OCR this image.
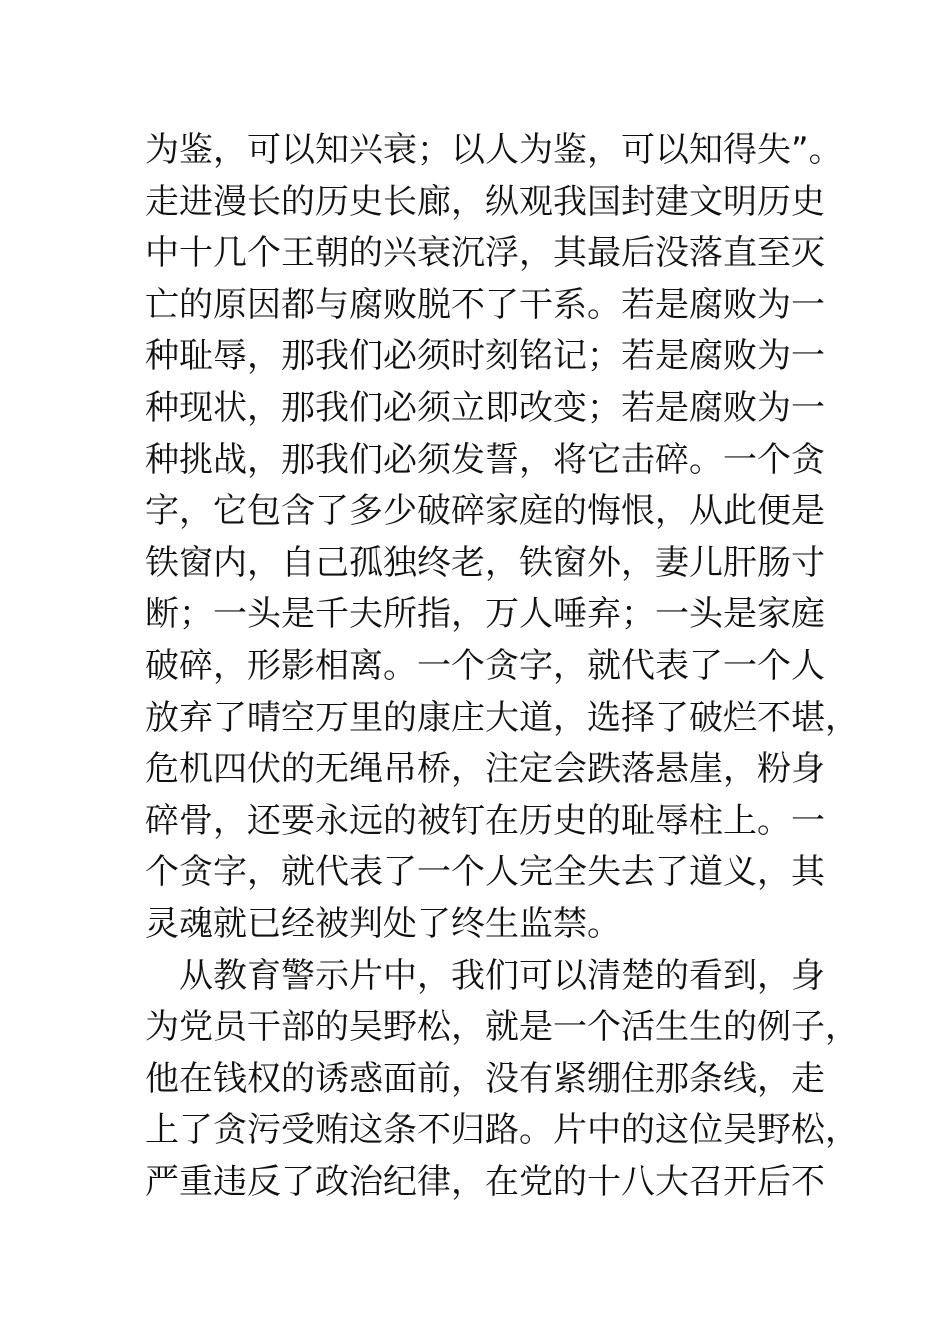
为鉴，可以知兴衰；以人为鉴，可以知得失”。
走进漫长的历史长廊，纵观我国封建文明历史
中十几个王朝的兴衰沉浮，其最后没落直至灭
亡的原因都与腐败脱不了干系。若是腐败为一
种耻辱，那我们必须时刻铭记；若是腐败为一
种现状，那我们必须立即改变；若是腐败为一
种挑战，那我们必须发誓，将它击碎。一个贪
字，它包含了多少破碎家庭的悔恨，从此便是
铁窗内，自己孤独终老，铁窗外，妻儿肝肠寸
断；一头是千夫所指，万人唾弃；一头是家庭
破碎，形影相离。一个贪字，就代表了一个人
放弃了晴空万里的康庄大道，选择了破烂不堪，
危机四伏的无绳吊桥，注定会跌落悬崖，粉身
碎骨，还要永远的被钉在历史的耻辱柱上。一
个贪字，就代表了一个人完全失去了道义，其
灵魂就已经被判处了终生监禁。
从教育警示片中，我们可以清楚的看到，身
为党员干部的吴野松，就是一个活生生的例子，
他在钱权的诱惑面前，没有紧绷住那条线，走
上了贪污受贿这条不归路。片中的这位吴野松，
严重违反了政治纪律，在党的十八大召开后不
